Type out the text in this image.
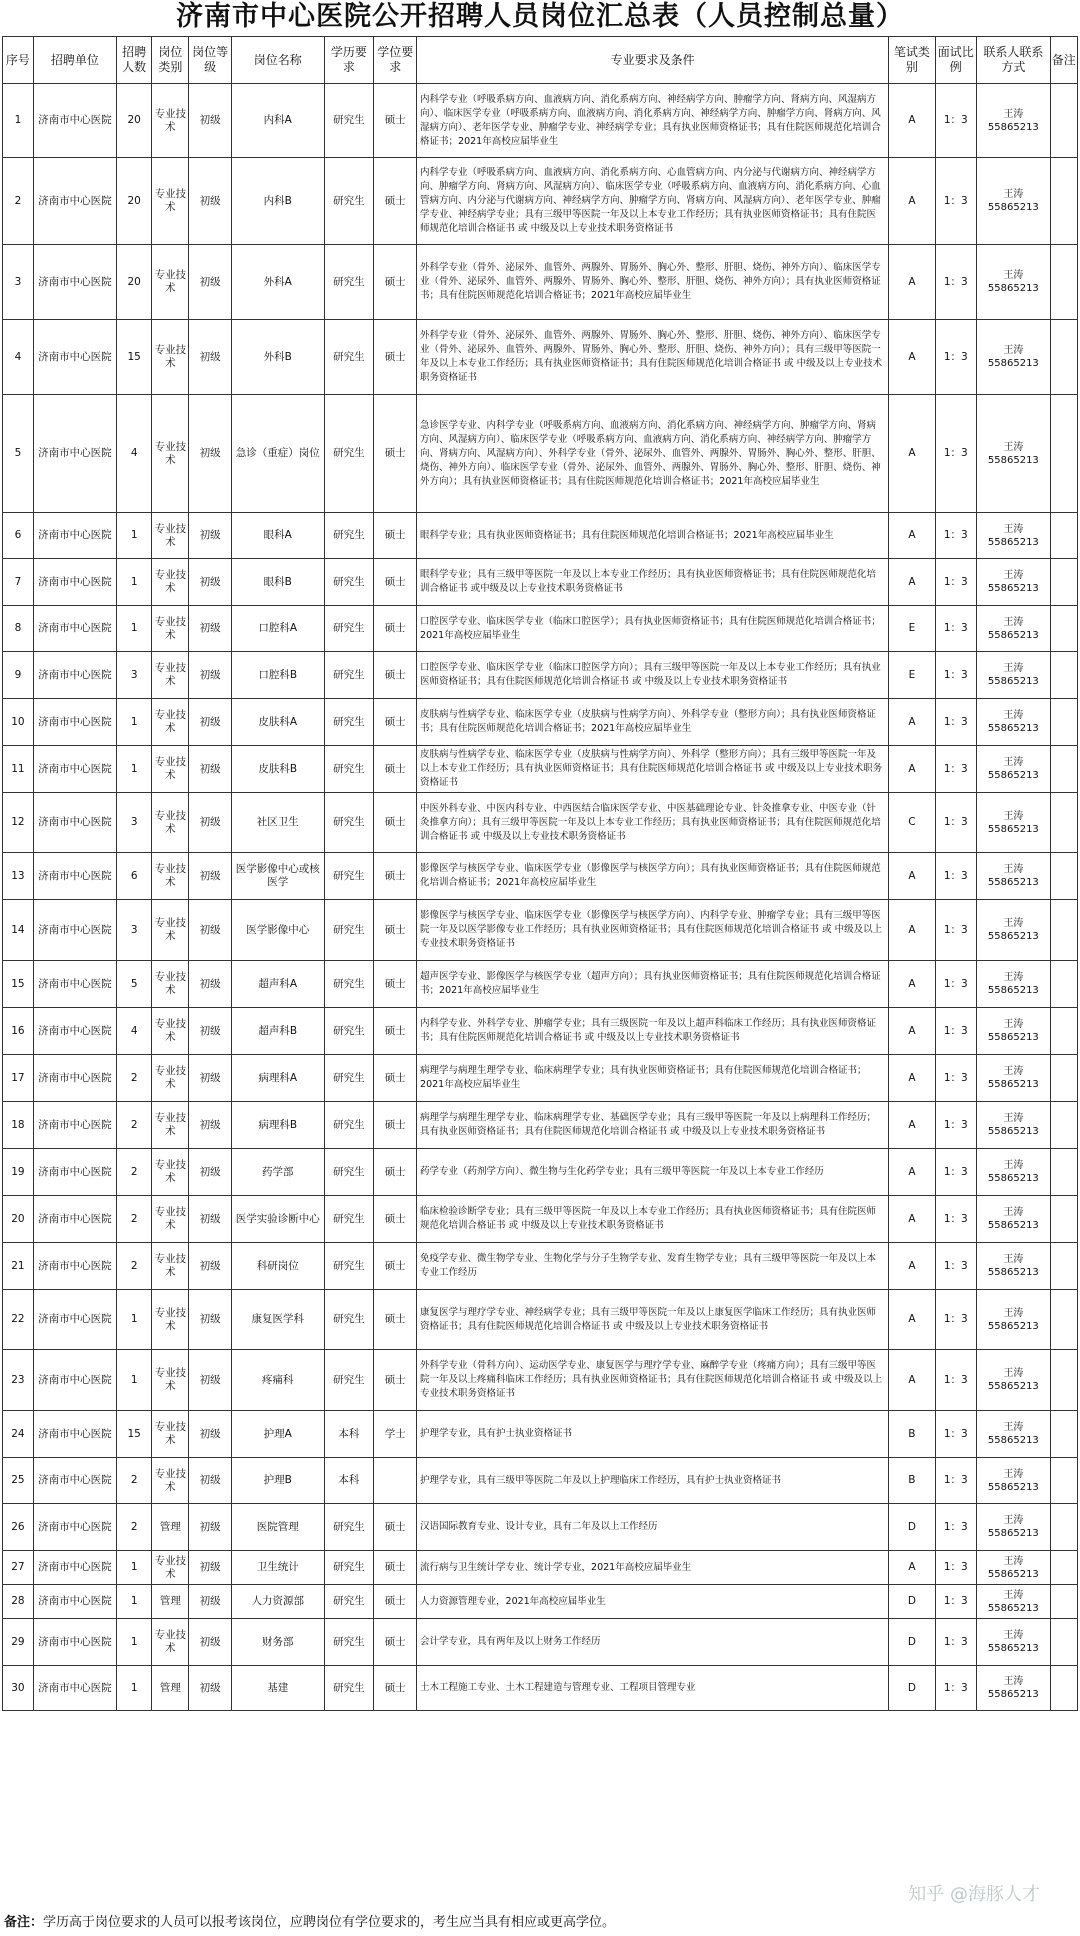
济南市中心医院公开招聘人员岗位汇总表（人员控制总量）
序号	招聘单位	招聘人数	岗位类别	岗位等级	岗位名称	学历要求	学位要求	专业要求及条件	笔试类别	面试比例	联系人联系方式	备注
1	济南市中心医院	20	专业技术	初级	内科A	研究生	硕士	内科学专业（呼吸系病方向、血液病方向、消化系病方向、神经病学方向、肿瘤学方向、肾病方向、风湿病方向）、临床医学专业（呼吸系病方向、血液病方向、消化系病方向、神经病学方向、肿瘤学方向、肾病方向、风湿病方向）、老年医学专业、肿瘤学专业、神经病学专业；具有执业医师资格证书；具有住院医师规范化培训合格证书；2021年高校应届毕业生	A	1：3	王涛 55865213	
2	济南市中心医院	20	专业技术	初级	内科B	研究生	硕士	内科学专业（呼吸系病方向、血液病方向、消化系病方向、心血管病方向、内分泌与代谢病方向、神经病学方向、肿瘤学方向、肾病方向、风湿病方向）、临床医学专业（呼吸系病方向、血液病方向、消化系病方向、心血管病方向、内分泌与代谢病方向、神经病学方向、肿瘤学方向、肾病方向、风湿病方向）、老年医学专业、肿瘤学专业、神经病学专业；具有三级甲等医院一年及以上本专业工作经历；具有执业医师资格证书；具有住院医师规范化培训合格证书 或 中级及以上专业技术职务资格证书	A	1：3	王涛 55865213	
3	济南市中心医院	20	专业技术	初级	外科A	研究生	硕士	外科学专业（骨外、泌尿外、血管外、两腺外、胃肠外、胸心外、整形、肝胆、烧伤、神外方向）、临床医学专业（骨外、泌尿外、血管外、两腺外、胃肠外、胸心外、整形、肝胆、烧伤、神外方向）；具有执业医师资格证书；具有住院医师规范化培训合格证书；2021年高校应届毕业生	A	1：3	王涛 55865213	
4	济南市中心医院	15	专业技术	初级	外科B	研究生	硕士	外科学专业（骨外、泌尿外、血管外、两腺外、胃肠外、胸心外、整形、肝胆、烧伤、神外方向）、临床医学专业（骨外、泌尿外、血管外、两腺外、胃肠外、胸心外、整形、肝胆、烧伤、神外方向）；具有三级甲等医院一年及以上本专业工作经历；具有执业医师资格证书；具有住院医师规范化培训合格证书 或 中级及以上专业技术职务资格证书	A	1：3	王涛 55865213	
5	济南市中心医院	4	专业技术	初级	急诊（重症）岗位	研究生	硕士	急诊医学专业、内科学专业（呼吸系病方向、血液病方向、消化系病方向、神经病学方向、肿瘤学方向、肾病方向、风湿病方向）、临床医学专业（呼吸系病方向、血液病方向、消化系病方向、神经病学方向、肿瘤学方向、肾病方向、风湿病方向）、外科学专业（骨外、泌尿外、血管外、两腺外、胃肠外、胸心外、整形、肝胆、烧伤、神外方向）、临床医学专业（骨外、泌尿外、血管外、两腺外、胃肠外、胸心外、整形、肝胆、烧伤、神外方向）；具有执业医师资格证书；具有住院医师规范化培训合格证书；2021年高校应届毕业生	A	1：3	王涛 55865213	
6	济南市中心医院	1	专业技术	初级	眼科A	研究生	硕士	眼科学专业；具有执业医师资格证书；具有住院医师规范化培训合格证书；2021年高校应届毕业生	A	1：3	王涛 55865213	
7	济南市中心医院	1	专业技术	初级	眼科B	研究生	硕士	眼科学专业；具有三级甲等医院一年及以上本专业工作经历；具有执业医师资格证书；具有住院医师规范化培训合格证书 或中级及以上专业技术职务资格证书	A	1：3	王涛 55865213	
8	济南市中心医院	1	专业技术	初级	口腔科A	研究生	硕士	口腔医学专业、临床医学专业（临床口腔医学）；具有执业医师资格证书；具有住院医师规范化培训合格证书；2021年高校应届毕业生	E	1：3	王涛 55865213	
9	济南市中心医院	3	专业技术	初级	口腔科B	研究生	硕士	口腔医学专业、临床医学专业（临床口腔医学方向）；具有三级甲等医院一年及以上本专业工作经历；具有执业医师资格证书；具有住院医师规范化培训合格证书 或 中级及以上专业技术职务资格证书	E	1：3	王涛 55865213	
10	济南市中心医院	1	专业技术	初级	皮肤科A	研究生	硕士	皮肤病与性病学专业、临床医学专业（皮肤病与性病学方向）、外科学专业（整形方向）；具有执业医师资格证书；具有住院医师规范化培训合格证书；2021年高校应届毕业生	A	1：3	王涛 55865213	
11	济南市中心医院	1	专业技术	初级	皮肤科B	研究生	硕士	皮肤病与性病学专业、临床医学专业（皮肤病与性病学方向）、外科学（整形方向）；具有三级甲等医院一年及以上本专业工作经历；具有执业医师资格证书；具有住院医师规范化培训合格证书 或 中级及以上专业技术职务资格证书	A	1：3	王涛 55865213	
12	济南市中心医院	3	专业技术	初级	社区卫生	研究生	硕士	中医外科专业、中医内科专业、中西医结合临床医学专业、中医基础理论专业、针灸推拿专业、中医专业（针灸推拿方向）；具有三级甲等医院一年及以上本专业工作经历；具有执业医师资格证书；具有住院医师规范化培训合格证书 或 中级及以上专业技术职务资格证书	C	1：3	王涛 55865213	
13	济南市中心医院	6	专业技术	初级	医学影像中心或核医学	研究生	硕士	影像医学与核医学专业、临床医学专业（影像医学与核医学方向）；具有执业医师资格证书；具有住院医师规范化培训合格证书；2021年高校应届毕业生	A	1：3	王涛 55865213	
14	济南市中心医院	3	专业技术	初级	医学影像中心	研究生	硕士	影像医学与核医学专业、临床医学专业（影像医学与核医学方向）、内科学专业、肿瘤学专业；具有三级甲等医院一年及以医学影像专业工作经历；具有执业医师资格证书；具有住院医师规范化培训合格证书 或 中级及以上专业技术职务资格证书	A	1：3	王涛 55865213	
15	济南市中心医院	5	专业技术	初级	超声科A	研究生	硕士	超声医学专业、影像医学与核医学专业（超声方向）；具有执业医师资格证书；具有住院医师规范化培训合格证书；2021年高校应届毕业生	A	1：3	王涛 55865213	
16	济南市中心医院	4	专业技术	初级	超声科B	研究生	硕士	内科学专业、外科学专业、肿瘤学专业；具有三级医院一年及以上超声科临床工作经历；具有执业医师资格证书；具有住院医师规范化培训合格证书 或 中级及以上专业技术职务资格证书	A	1：3	王涛 55865213	
17	济南市中心医院	2	专业技术	初级	病理科A	研究生	硕士	病理学与病理生理学专业、临床病理学专业；具有执业医师资格证书；具有住院医师规范化培训合格证书；2021年高校应届毕业生	A	1：3	王涛 55865213	
18	济南市中心医院	2	专业技术	初级	病理科B	研究生	硕士	病理学与病理生理学专业、临床病理学专业、基础医学专业；具有三级甲等医院一年及以上病理科工作经历；具有执业医师资格证书；具有住院医师规范化培训合格证书 或 中级及以上专业技术职务资格证书	A	1：3	王涛 55865213	
19	济南市中心医院	2	专业技术	初级	药学部	研究生	硕士	药学专业（药剂学方向）、微生物与生化药学专业；具有三级甲等医院一年及以上本专业工作经历	A	1：3	王涛 55865213	
20	济南市中心医院	2	专业技术	初级	医学实验诊断中心	研究生	硕士	临床检验诊断学专业；具有三级甲等医院一年及以上本专业工作经历；具有执业医师资格证书；具有住院医师规范化培训合格证书 或 中级及以上专业技术职务资格证书	A	1：3	王涛 55865213	
21	济南市中心医院	2	专业技术	初级	科研岗位	研究生	硕士	免疫学专业、微生物学专业、生物化学与分子生物学专业、发育生物学专业；具有三级甲等医院一年及以上本专业工作经历	A	1：3	王涛 55865213	
22	济南市中心医院	1	专业技术	初级	康复医学科	研究生	硕士	康复医学与理疗学专业、神经病学专业；具有三级甲等医院一年及以上康复医学临床工作经历；具有执业医师资格证书；具有住院医师规范化培训合格证书 或 中级及以上专业技术职务资格证书	A	1：3	王涛 55865213	
23	济南市中心医院	1	专业技术	初级	疼痛科	研究生	硕士	外科学专业（骨科方向）、运动医学专业、康复医学与理疗学专业、麻醉学专业（疼痛方向）；具有三级甲等医院一年及以上疼痛科临床工作经历；具有执业医师资格证书；具有住院医师规范化培训合格证书 或 中级及以上专业技术职务资格证书	A	1：3	王涛 55865213	
24	济南市中心医院	15	专业技术	初级	护理A	本科	学士	护理学专业，具有护士执业资格证书	B	1：3	王涛 55865213	
25	济南市中心医院	2	专业技术	初级	护理B	本科		护理学专业，具有三级甲等医院二年及以上护理临床工作经历，具有护士执业资格证书	B	1：3	王涛 55865213	
26	济南市中心医院	2	管理	初级	医院管理	研究生	硕士	汉语国际教育专业、设计专业，具有二年及以上工作经历	D	1：3	王涛 55865213	
27	济南市中心医院	1	专业技术	初级	卫生统计	研究生	硕士	流行病与卫生统计学专业、统计学专业，2021年高校应届毕业生	A	1：3	王涛 55865213	
28	济南市中心医院	1	管理	初级	人力资源部	研究生	硕士	人力资源管理专业，2021年高校应届毕业生	D	1：3	王涛 55865213	
29	济南市中心医院	1	专业技术	初级	财务部	研究生	硕士	会计学专业，具有两年及以上财务工作经历	D	1：3	王涛 55865213	
30	济南市中心医院	1	管理	初级	基建	研究生	硕士	土木工程施工专业、土木工程建造与管理专业、工程项目管理专业	D	1：3	王涛 55865213	
知乎 @海豚人才
备注：学历高于岗位要求的人员可以报考该岗位，应聘岗位有学位要求的，考生应当具有相应或更高学位。
